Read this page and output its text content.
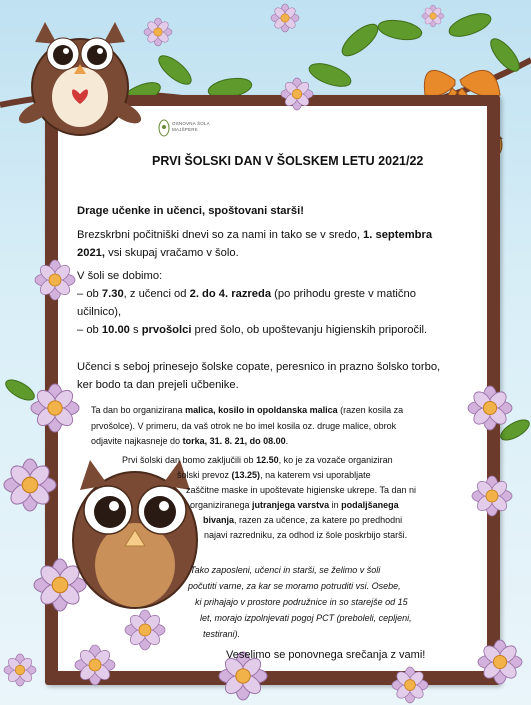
OSNOVNA ŠOLA
MAJŠPERK
PRVI ŠOLSKI DAN V ŠOLSKEM LETU 2021/22
Drage učenke in učenci, spoštovani starši!
Brezskrbni počitniški dnevi so za nami in tako se v sredo, 1. septembra
2021, vsi skupaj vračamo v šolo.
V šoli se dobimo:
– ob 7.30, z učenci od 2. do 4. razreda (po prihodu greste v matično
učilnico),
– ob 10.00 s prvošolci pred šolo, ob upoštevanju higienskih priporočil.
Učenci s seboj prinesejo šolske copate, peresnico in prazno šolsko torbo,
ker bodo ta dan prejeli učbenike.
Ta dan bo organizirana malica, kosilo in opoldanska malica (razen kosila za
prvošolce). V primeru, da vaš otrok ne bo imel kosila oz. druge malice, obrok
odjavite najkasneje do torka, 31. 8. 21, do 08.00.
Prvi šolski dan bomo zaključili ob 12.50, ko je za vozače organiziran
šolski prevoz (13.25), na katerem vsi uporabljate
zaščitne maske in upoštevate higienske ukrepe. Ta dan ni
organiziranega jutranjega varstva in podaljšanega
bivanja, razen za učence, za katere po predhodni
najavi razredniku, za odhod iz šole poskrbijo starši.
Tako zaposleni, učenci in starši, se želimo v šoli
počutiti varne, za kar se moramo potruditi vsi. Osebe,
ki prihajajo v prostore podružnice in so starejše od 15
let, morajo izpolnjevati pogoj PCT (preboleli, cepljeni,
testirani).
Veselimo se ponovnega srečanja z vami!
